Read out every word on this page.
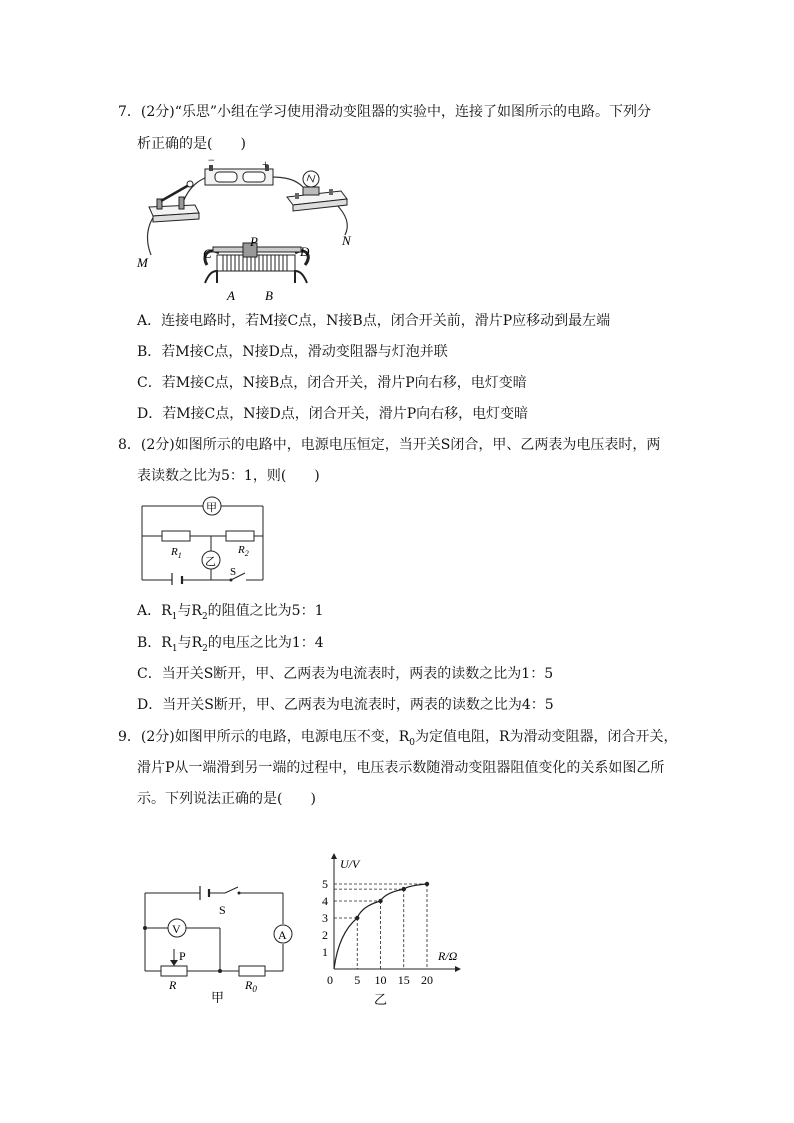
7．(2分)“乐思”小组在学习使用滑动变阻器的实验中，连接了如图所示的电路。下列分
析正确的是(　　)
−	+
M
N
C
P
D
A B
A．连接电路时，若M接C点，N接B点，闭合开关前，滑片P应移动到最左端
B．若M接C点，N接D点，滑动变阻器与灯泡并联
C．若M接C点，N接B点，闭合开关，滑片P向右移，电灯变暗
D．若M接C点，N接D点，闭合开关，滑片P向右移，电灯变暗
8．(2分)如图所示的电路中，电源电压恒定，当开关S闭合，甲、乙两表为电压表时，两
表读数之比为5：1，则(　　)
甲
乙
$R_1$	$R_2$
S
A．$R_1$与$R_2$的阻值之比为5：1
B．$R_1$与$R_2$的电压之比为1：4
C．当开关S断开，甲、乙两表为电流表时，两表的读数之比为1：5
D．当开关S断开，甲、乙两表为电流表时，两表的读数之比为4：5
9．(2分)如图甲所示的电路，电源电压不变，$R_0$为定值电阻，R为滑动变阻器，闭合开关，
滑片P从一端滑到另一端的过程中，电压表示数随滑动变阻器阻值变化的关系如图乙所
示。下列说法正确的是(　　)
V	A
S
P
R	$R_0$
甲
5 10 15 20
1
2
3
4
5
0
U/V
R/Ω
乙
